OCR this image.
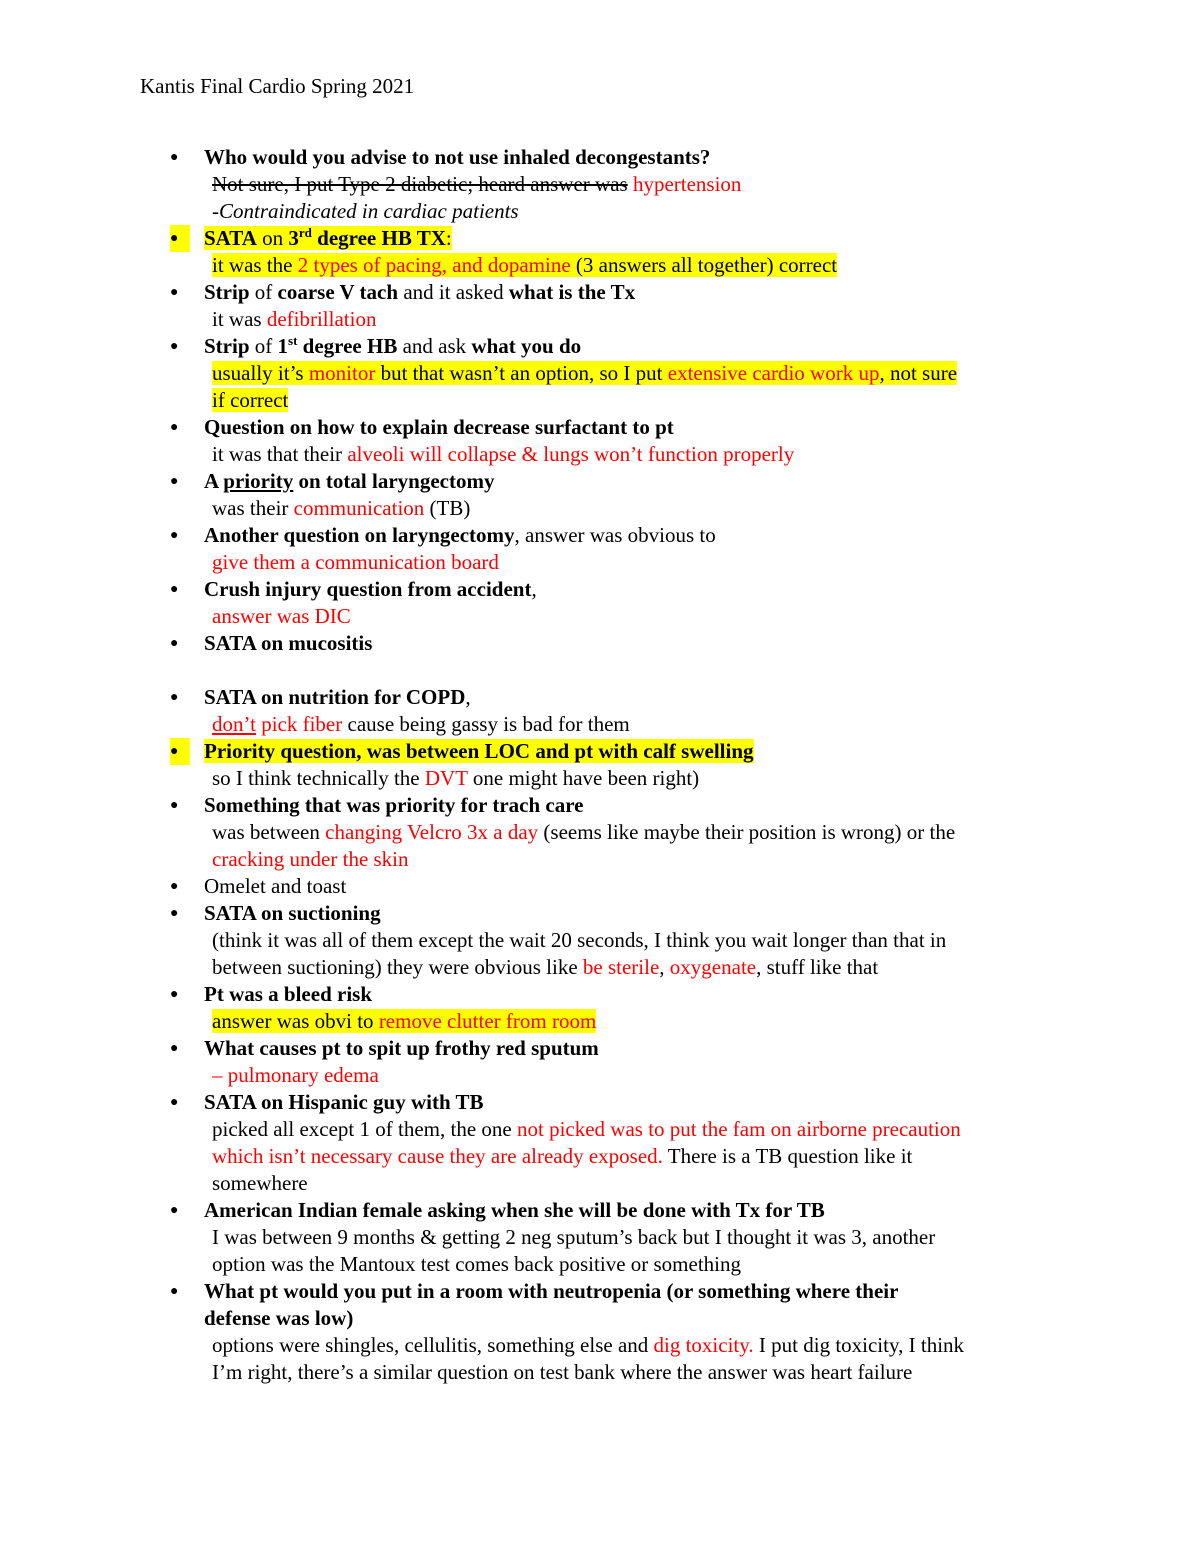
Kantis Final Cardio Spring 2021
●	Who would you advise to not use inhaled decongestants?
Not sure, I put Type 2 diabetic; heard answer was hypertension
-Contraindicated in cardiac patients
●	SATA on 3rd degree HB TX:
it was the 2 types of pacing, and dopamine (3 answers all together) correct
●	Strip of coarse V tach and it asked what is the Tx
it was defibrillation
●	Strip of 1st degree HB and ask what you do
usually it’s monitor but that wasn’t an option, so I put extensive cardio work up, not sure
if correct
●	Question on how to explain decrease surfactant to pt
it was that their alveoli will collapse & lungs won’t function properly
●	A priority on total laryngectomy
was their communication (TB)
●	Another question on laryngectomy, answer was obvious to
give them a communication board
●	Crush injury question from accident,
answer was DIC
●	SATA on mucositis
●	SATA on nutrition for COPD,
don’t pick fiber cause being gassy is bad for them
●	Priority question, was between LOC and pt with calf swelling
so I think technically the DVT one might have been right)
●	Something that was priority for trach care
was between changing Velcro 3x a day (seems like maybe their position is wrong) or the
cracking under the skin
●	Omelet and toast
●	SATA on suctioning
(think it was all of them except the wait 20 seconds, I think you wait longer than that in
between suctioning) they were obvious like be sterile, oxygenate, stuff like that
●	Pt was a bleed risk
answer was obvi to remove clutter from room
●	What causes pt to spit up frothy red sputum
– pulmonary edema
●	SATA on Hispanic guy with TB
picked all except 1 of them, the one not picked was to put the fam on airborne precaution
which isn’t necessary cause they are already exposed. There is a TB question like it
somewhere
●	American Indian female asking when she will be done with Tx for TB
I was between 9 months & getting 2 neg sputum’s back but I thought it was 3, another
option was the Mantoux test comes back positive or something
●	What pt would you put in a room with neutropenia (or something where their
defense was low)
options were shingles, cellulitis, something else and dig toxicity. I put dig toxicity, I think
I’m right, there’s a similar question on test bank where the answer was heart failure
